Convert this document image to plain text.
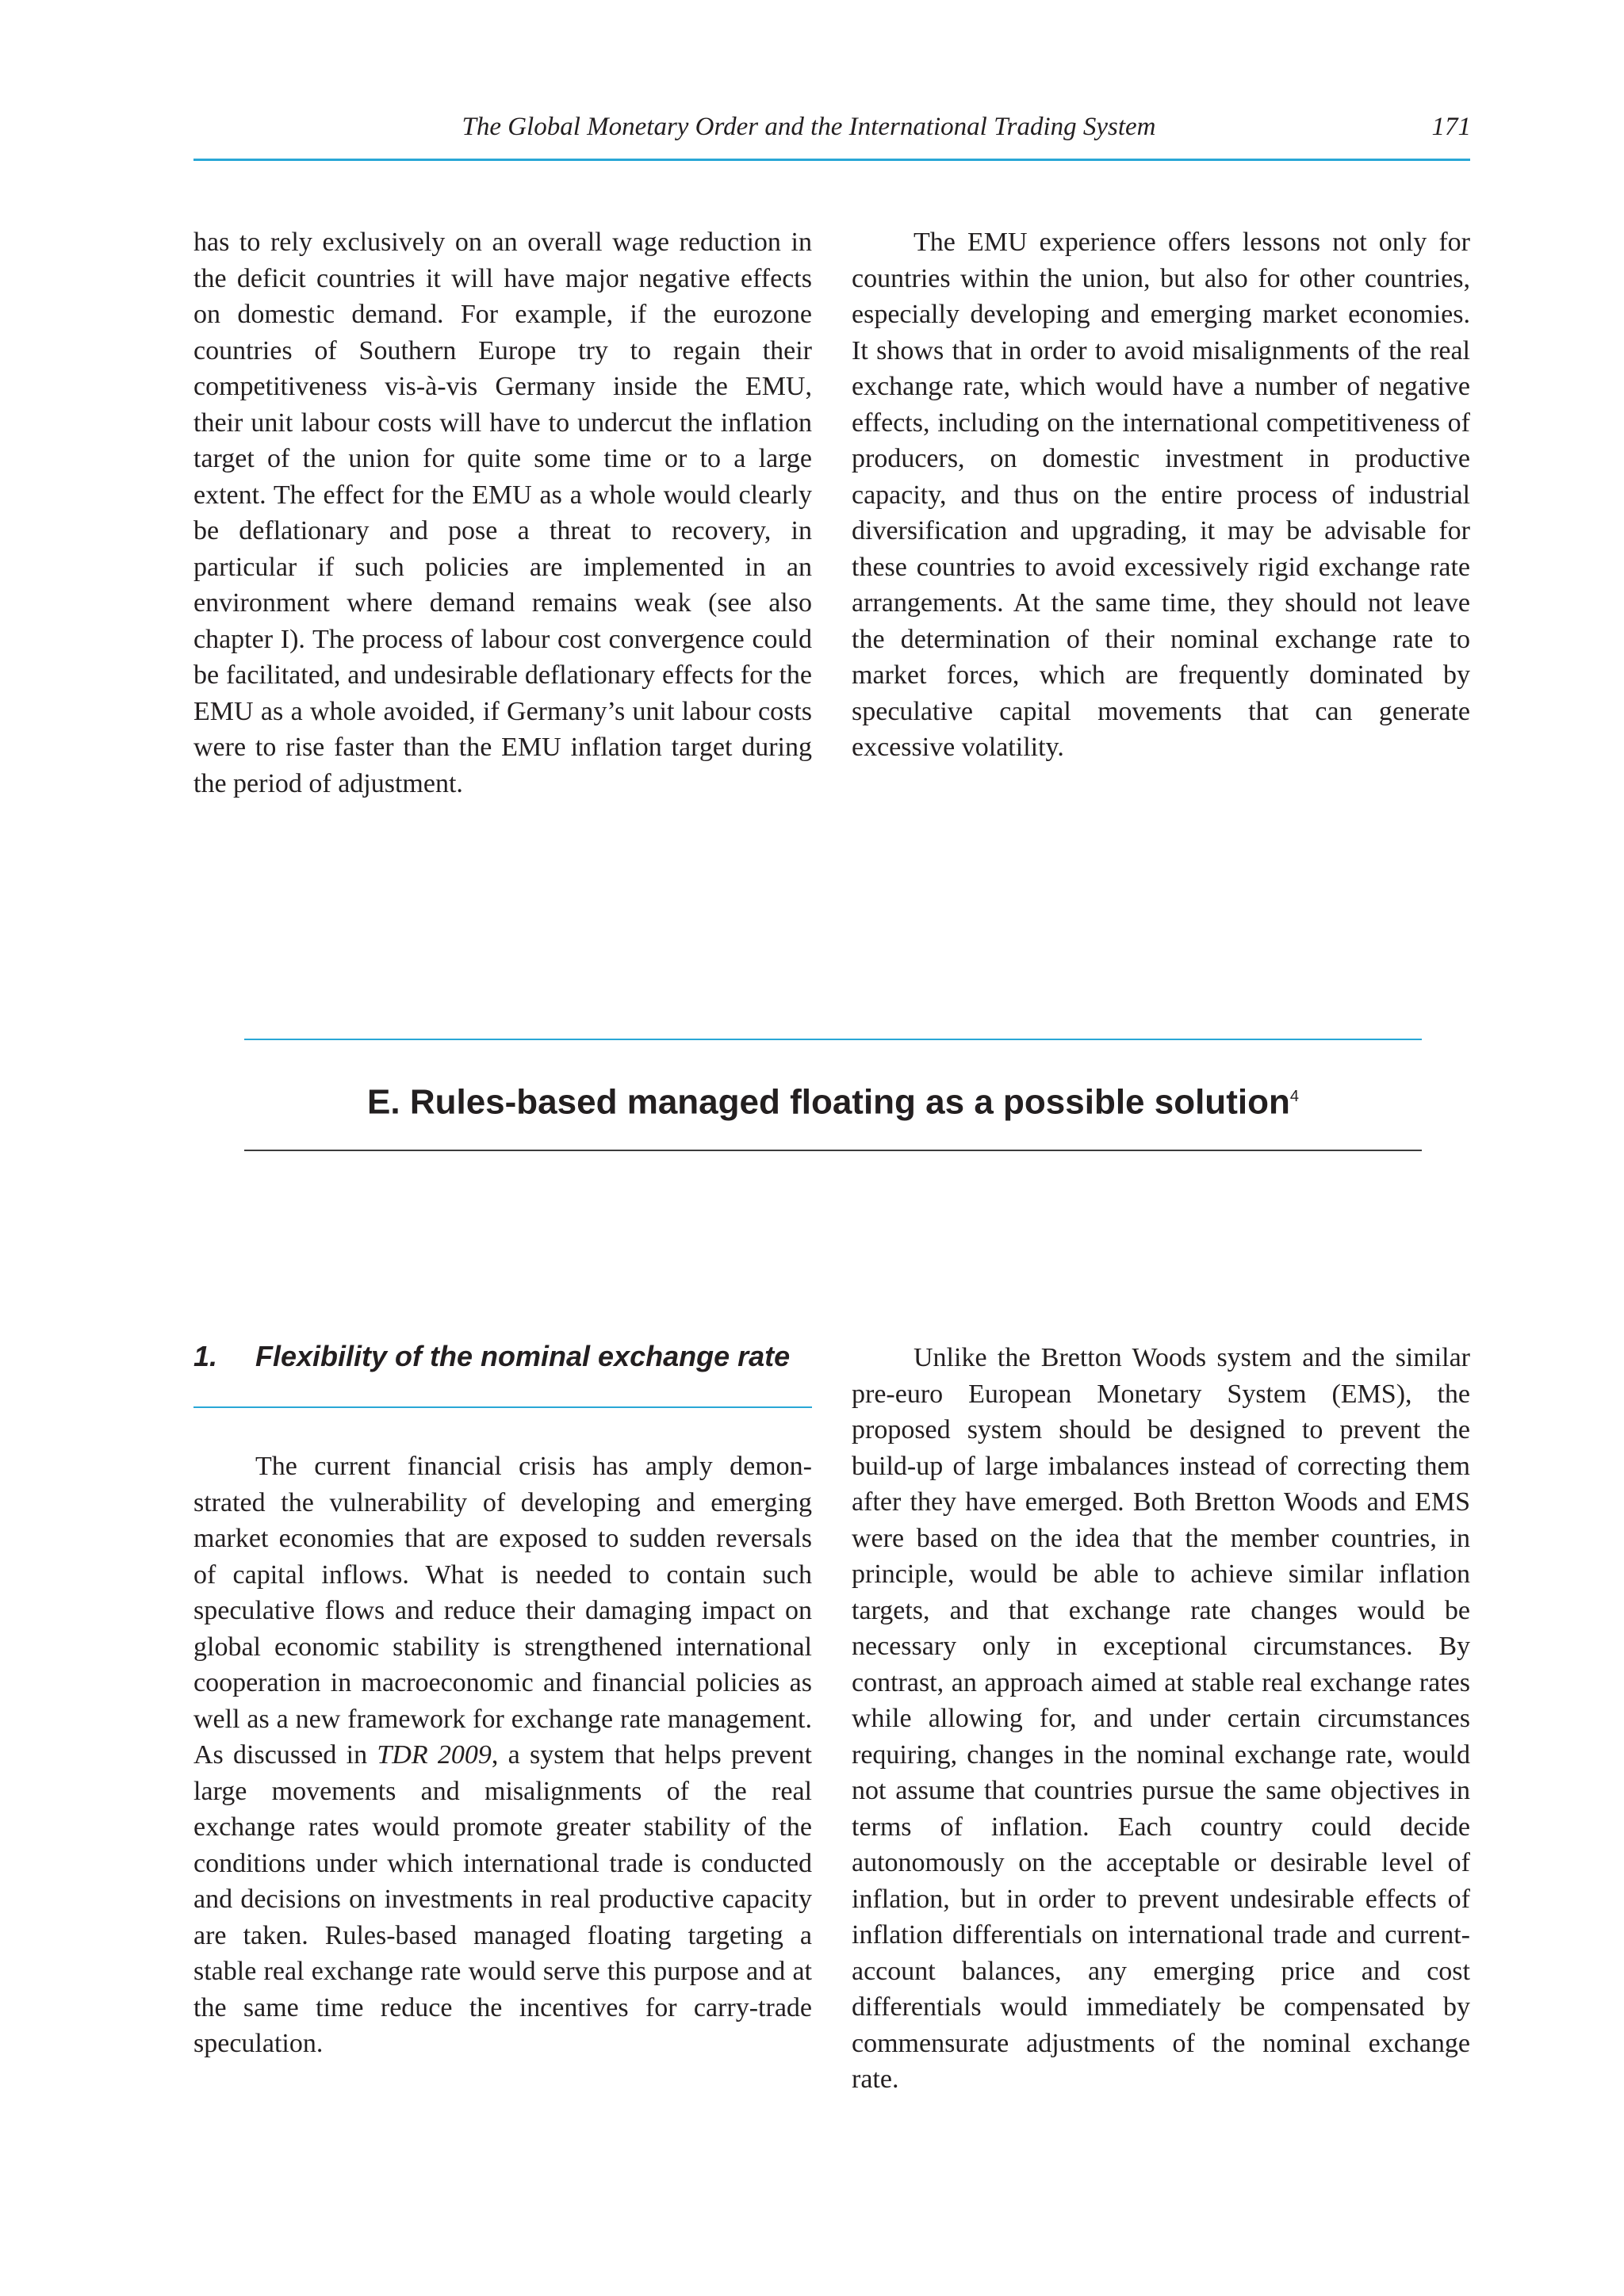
The Global Monetary Order and the International Trading System	171

has to rely exclusively on an overall wage reduction in the deficit countries it will have major negative effects on domestic demand. For example, if the eurozone countries of Southern Europe try to regain their competitiveness vis-à-vis Germany inside the EMU, their unit labour costs will have to undercut the inflation target of the union for quite some time or to a large extent. The effect for the EMU as a whole would clearly be deflationary and pose a threat to recovery, in particular if such policies are implemented in an environment where demand remains weak (see also chapter I). The process of labour cost convergence could be facilitated, and undesirable deflationary effects for the EMU as a whole avoided, if Germany’s unit labour costs were to rise faster than the EMU inflation target during the period of adjustment.

The EMU experience offers lessons not only for countries within the union, but also for other countries, especially developing and emerging market economies. It shows that in order to avoid misalignments of the real exchange rate, which would have a number of negative effects, including on the international competitiveness of producers, on domestic investment in productive capacity, and thus on the entire process of industrial diversification and upgrading, it may be advisable for these countries to avoid excessively rigid exchange rate arrangements. At the same time, they should not leave the determination of their nominal exchange rate to market forces, which are frequently dominated by speculative capital movements that can generate excessive volatility.

E. Rules-based managed floating as a possible solution$^4$
1. Flexibility of the nominal exchange rate

The current financial crisis has amply demonstrated the vulnerability of developing and emerging market economies that are exposed to sudden reversals of capital inflows. What is needed to contain such speculative flows and reduce their damaging impact on global economic stability is strengthened international cooperation in macroeconomic and financial policies as well as a new framework for exchange rate management. As discussed in TDR 2009, a system that helps prevent large movements and misalignments of the real exchange rates would promote greater stability of the conditions under which international trade is conducted and decisions on investments in real productive capacity are taken. Rules-based managed floating targeting a stable real exchange rate would serve this purpose and at the same time reduce the incentives for carry-trade speculation.

Unlike the Bretton Woods system and the similar pre-euro European Monetary System (EMS), the proposed system should be designed to prevent the build-up of large imbalances instead of correcting them after they have emerged. Both Bretton Woods and EMS were based on the idea that the member countries, in principle, would be able to achieve similar inflation targets, and that exchange rate changes would be necessary only in exceptional circumstances. By contrast, an approach aimed at stable real exchange rates while allowing for, and under certain circumstances requiring, changes in the nominal exchange rate, would not assume that countries pursue the same objectives in terms of inflation. Each country could decide autonomously on the acceptable or desirable level of inflation, but in order to prevent undesirable effects of inflation differentials on international trade and current-account balances, any emerging price and cost differentials would immediately be compensated by commensurate adjustments of the nominal exchange rate.
